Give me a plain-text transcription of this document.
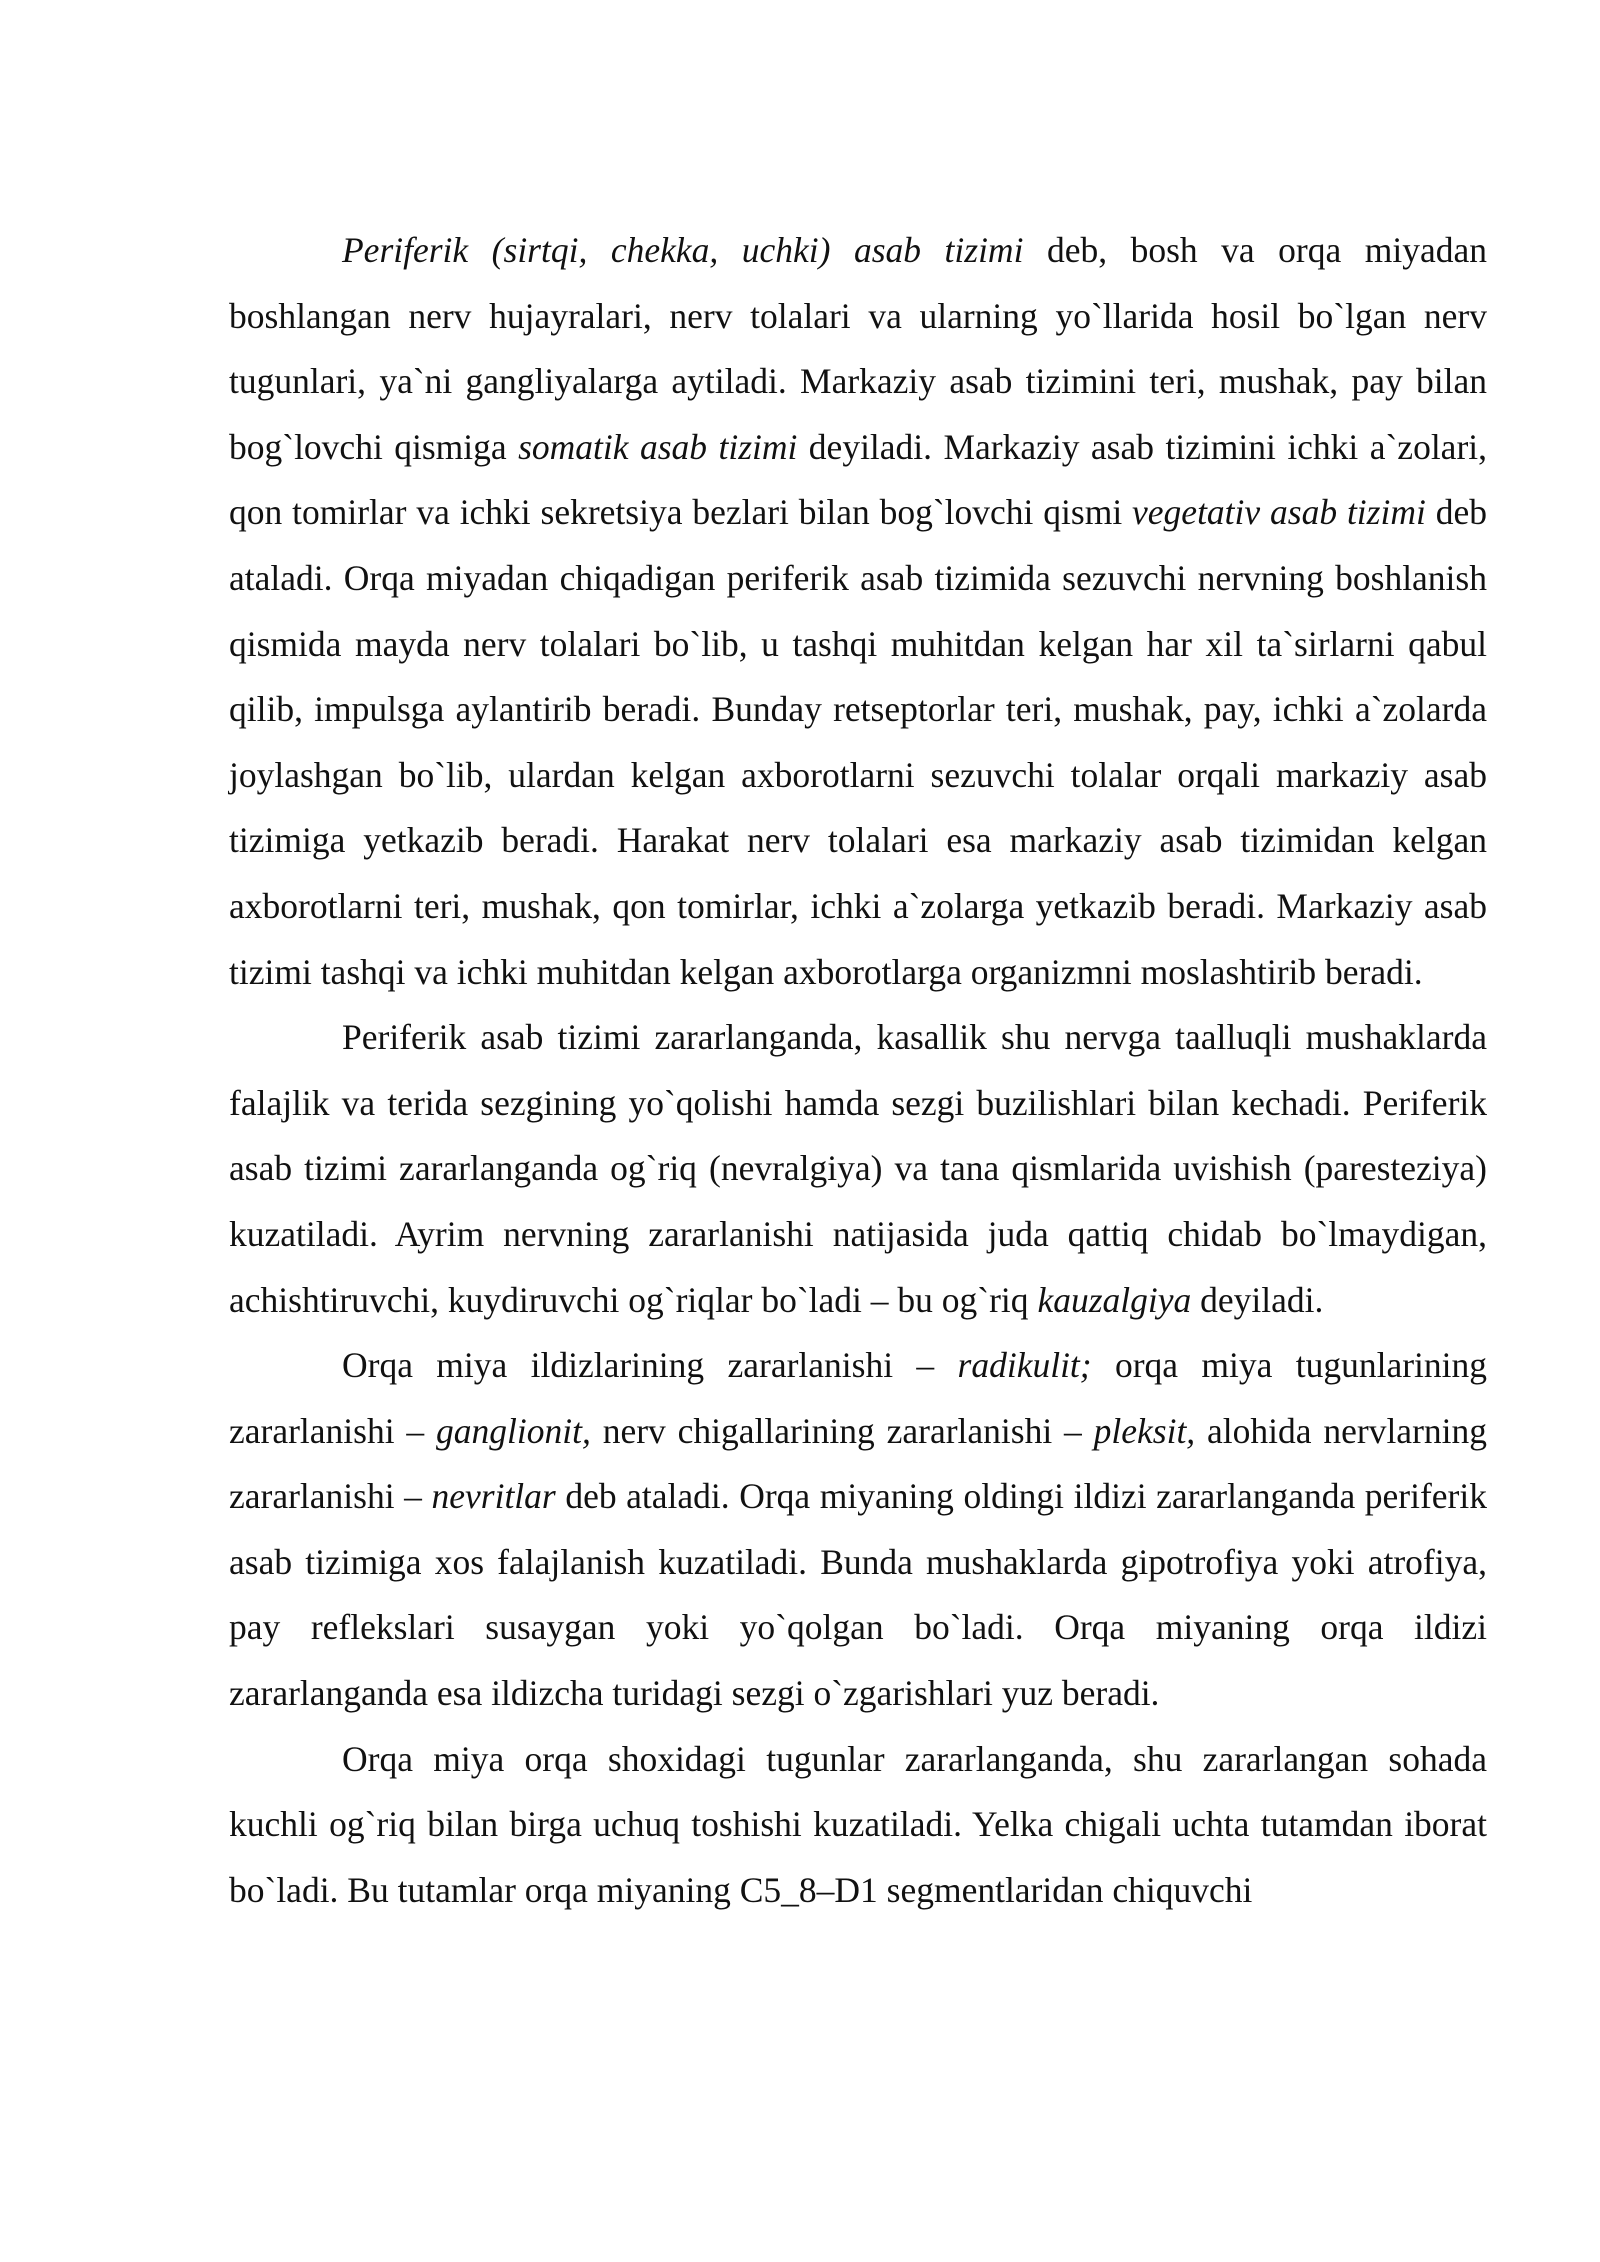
Periferik (sirtqi, chekka, uchki) asab tizimi deb, bosh va orqa miyadan boshlangan nerv hujayralari, nerv tolalari va ularning yo`llarida hosil bo`lgan nerv tugunlari, ya`ni gangliyalarga aytiladi. Markaziy asab tizimini teri, mushak, pay bilan bog`lovchi qismiga somatik asab tizimi deyiladi. Markaziy asab tizimini ichki a`zolari, qon tomirlar va ichki sekretsiya bezlari bilan bog`lovchi qismi vegetativ asab tizimi deb ataladi. Orqa miyadan chiqadigan periferik asab tizimida sezuvchi nervning boshlanish qismida mayda nerv tolalari bo`lib, u tashqi muhitdan kelgan har xil ta`sirlarni qabul qilib, impulsga aylantirib beradi. Bunday retseptorlar teri, mushak, pay, ichki a`zolarda joylashgan bo`lib, ulardan kelgan axborotlarni sezuvchi tolalar orqali markaziy asab tizimiga yetkazib beradi. Harakat nerv tolalari esa markaziy asab tizimidan kelgan axborotlarni teri, mushak, qon tomirlar, ichki a`zolarga yetkazib beradi. Markaziy asab tizimi tashqi va ichki muhitdan kelgan axborotlarga organizmni moslashtirib beradi.

Periferik asab tizimi zararlanganda, kasallik shu nervga taalluqli mushaklarda falajlik va terida sezgining yo`qolishi hamda sezgi buzilishlari bilan kechadi. Periferik asab tizimi zararlanganda og`riq (nevralgiya) va tana qismlarida uvishish (paresteziya) kuzatiladi. Ayrim nervning zararlanishi natijasida juda qattiq chidab bo`lmaydigan, achishtiruvchi, kuydiruvchi og`riqlar bo`ladi – bu og`riq kauzalgiya deyiladi.

Orqa miya ildizlarining zararlanishi – radikulit; orqa miya tugunlarining zararlanishi – ganglionit, nerv chigallarining zararlanishi – pleksit, alohida nervlarning zararlanishi – nevritlar deb ataladi. Orqa miyaning oldingi ildizi zararlanganda periferik asab tizimiga xos falajlanish kuzatiladi. Bunda mushaklarda gipotrofiya yoki atrofiya, pay reflekslari susaygan yoki yo`qolgan bo`ladi. Orqa miyaning orqa ildizi zararlanganda esa ildizcha turidagi sezgi o`zgarishlari yuz beradi.

Orqa miya orqa shoxidagi tugunlar zararlanganda, shu zararlangan sohada kuchli og`riq bilan birga uchuq toshishi kuzatiladi. Yelka chigali uchta tutamdan iborat bo`ladi. Bu tutamlar orqa miyaning C5_8–D1 segmentlaridan chiquvchi
